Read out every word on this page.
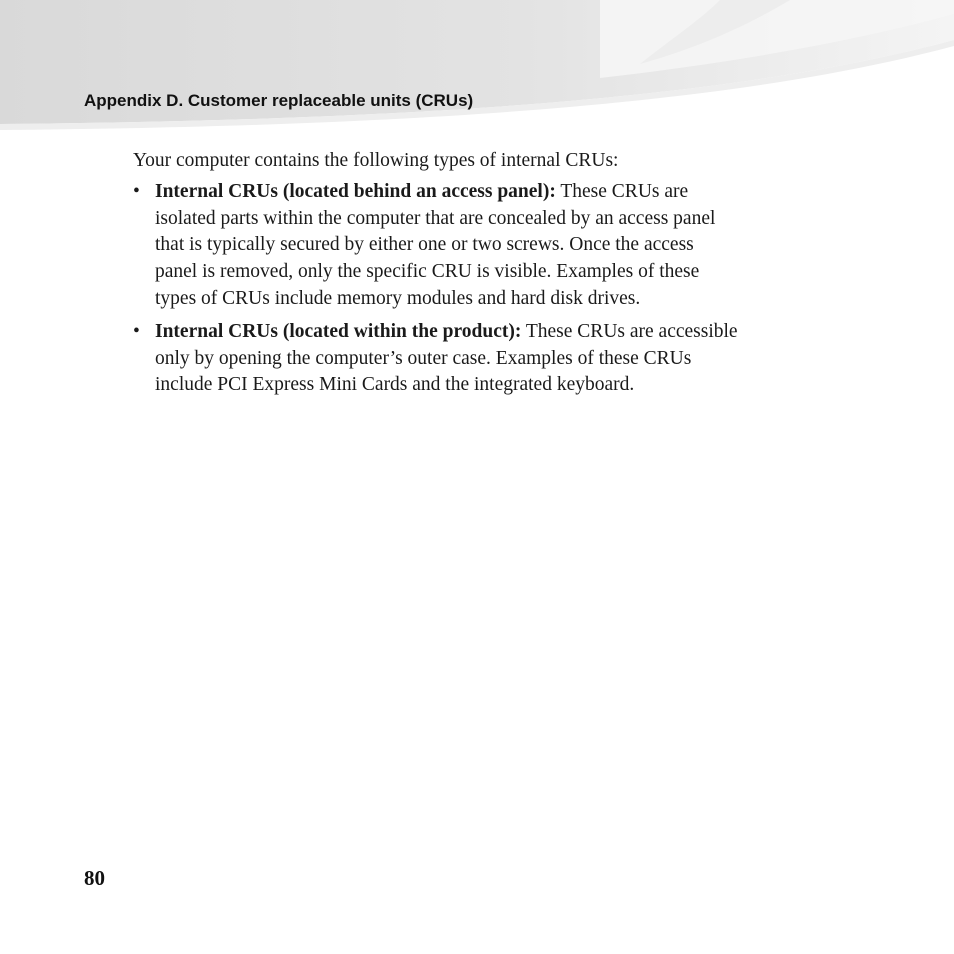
Appendix D. Customer replaceable units (CRUs)

Your computer contains the following types of internal CRUs:

• Internal CRUs (located behind an access panel): These CRUs are
isolated parts within the computer that are concealed by an access panel
that is typically secured by either one or two screws. Once the access
panel is removed, only the specific CRU is visible. Examples of these
types of CRUs include memory modules and hard disk drives.
• Internal CRUs (located within the product): These CRUs are accessible
only by opening the computer’s outer case. Examples of these CRUs
include PCI Express Mini Cards and the integrated keyboard.

80
